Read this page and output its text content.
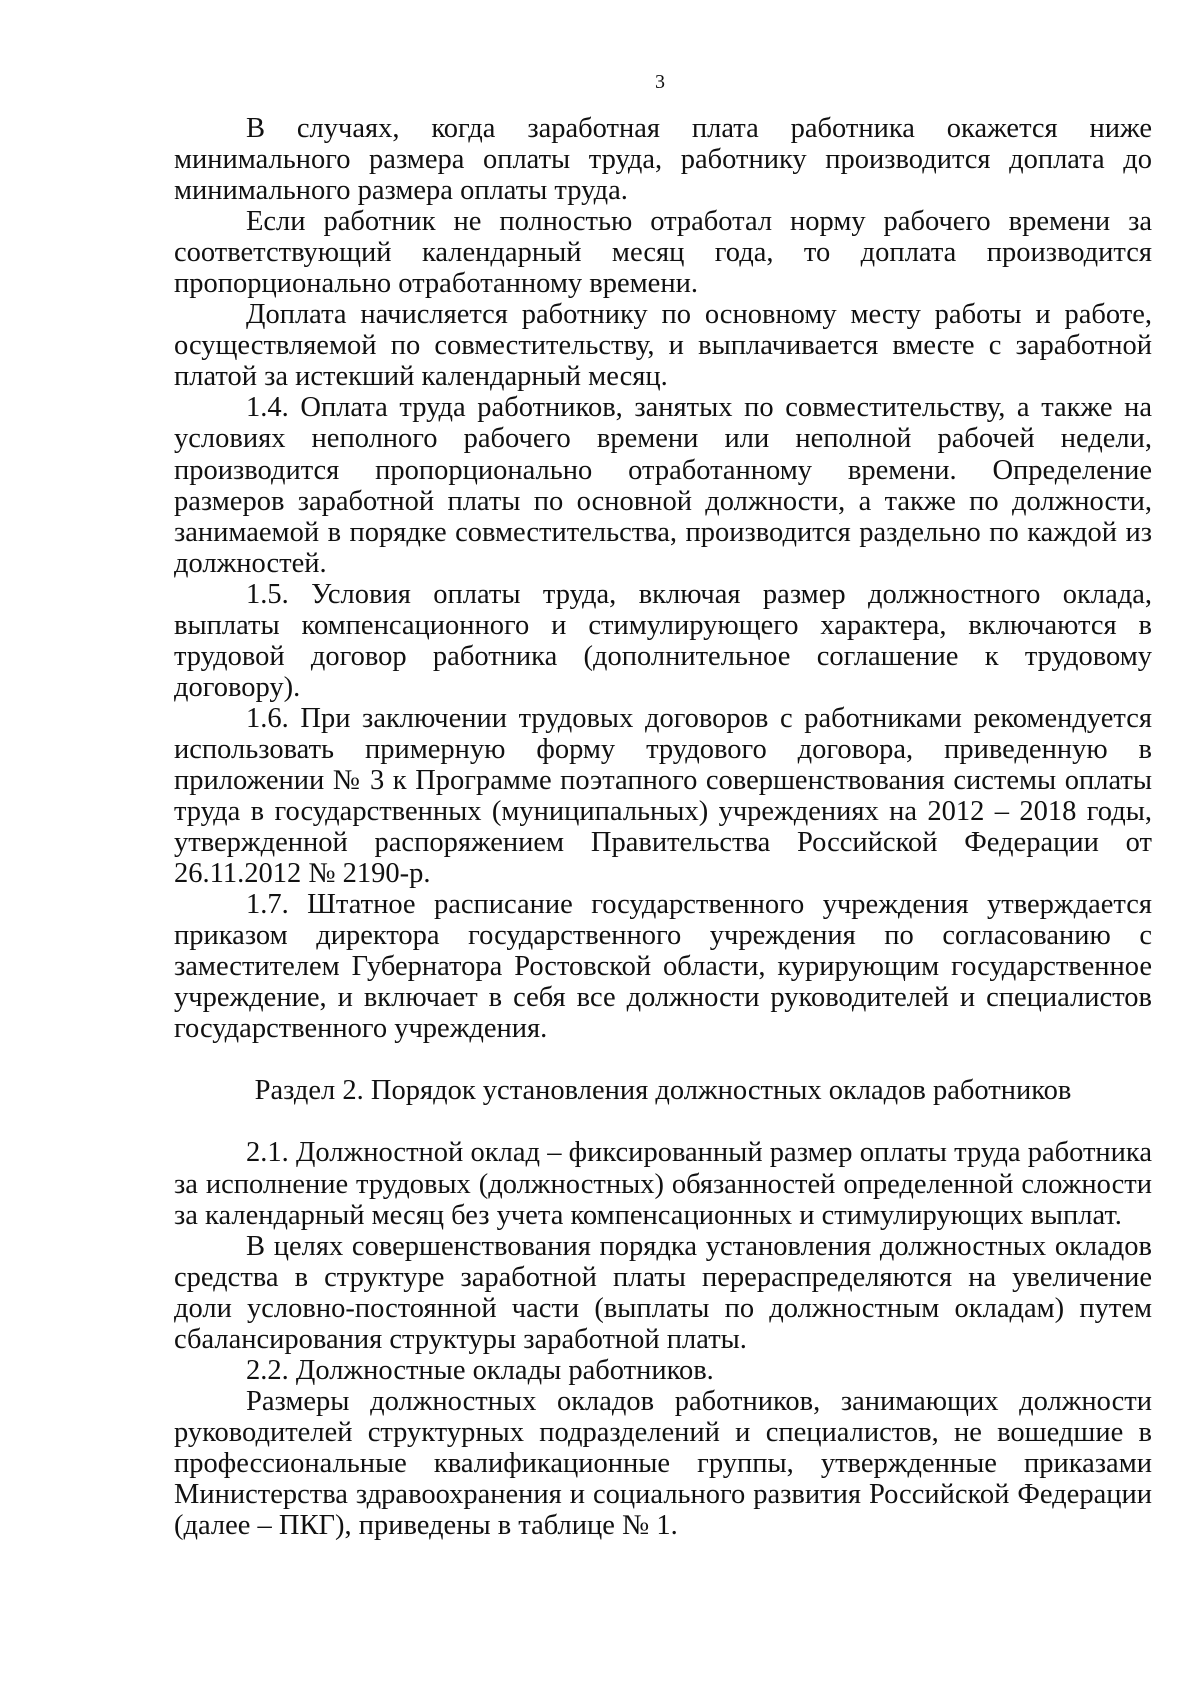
3

В случаях, когда заработная плата работника окажется ниже минимального размера оплаты труда, работнику производится доплата до минимального размера оплаты труда.

Если работник не полностью отработал норму рабочего времени за соответствующий календарный месяц года, то доплата производится пропорционально отработанному времени.

Доплата начисляется работнику по основному месту работы и работе, осуществляемой по совместительству, и выплачивается вместе с заработной платой за истекший календарный месяц.

1.4. Оплата труда работников, занятых по совместительству, а также на условиях неполного рабочего времени или неполной рабочей недели, производится пропорционально отработанному времени. Определение размеров заработной платы по основной должности, а также по должности, занимаемой в порядке совместительства, производится раздельно по каждой из должностей.

1.5. Условия оплаты труда, включая размер должностного оклада, выплаты компенсационного и стимулирующего характера, включаются в трудовой договор работника (дополнительное соглашение к трудовому договору).

1.6. При заключении трудовых договоров с работниками рекомендуется использовать примерную форму трудового договора, приведенную в приложении № 3 к Программе поэтапного совершенствования системы оплаты труда в государственных (муниципальных) учреждениях на 2012 – 2018 годы, утвержденной распоряжением Правительства Российской Федерации от 26.11.2012 № 2190-р.

1.7. Штатное расписание государственного учреждения утверждается приказом директора государственного учреждения по согласованию с заместителем Губернатора Ростовской области, курирующим государственное учреждение, и включает в себя все должности руководителей и специалистов государственного учреждения.

Раздел 2. Порядок установления должностных окладов работников

2.1. Должностной оклад – фиксированный размер оплаты труда работника за исполнение трудовых (должностных) обязанностей определенной сложности за календарный месяц без учета компенсационных и стимулирующих выплат.

В целях совершенствования порядка установления должностных окладов средства в структуре заработной платы перераспределяются на увеличение доли условно-постоянной части (выплаты по должностным окладам) путем сбалансирования структуры заработной платы.

2.2. Должностные оклады работников.

Размеры должностных окладов работников, занимающих должности руководителей структурных подразделений и специалистов, не вошедшие в профессиональные квалификационные группы, утвержденные приказами Министерства здравоохранения и социального развития Российской Федерации (далее – ПКГ), приведены в таблице № 1.
